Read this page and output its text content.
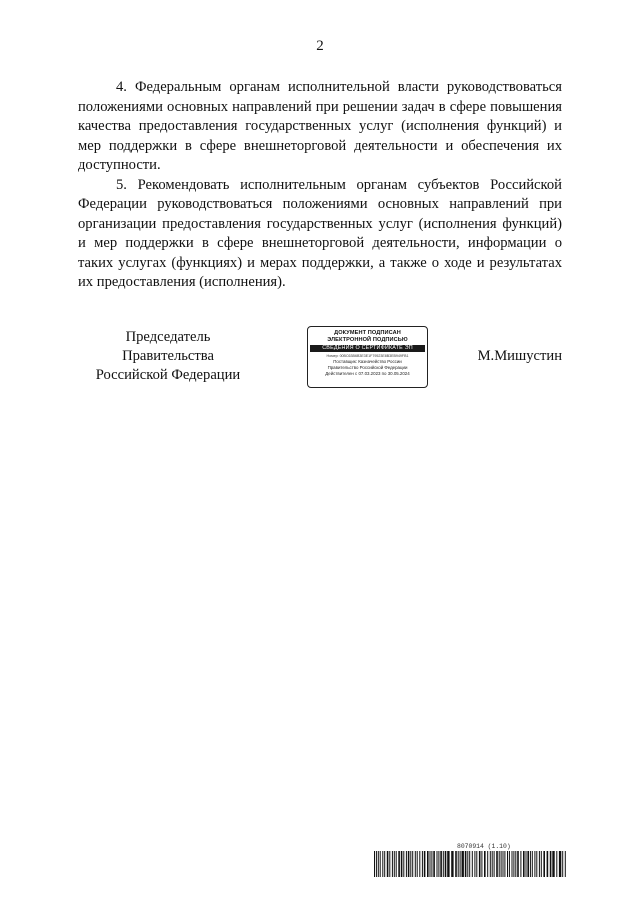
2

4. Федеральным органам исполнительной власти руководствоваться положениями основных направлений при решении задач в сфере повышения качества предоставления государственных услуг (исполнения функций) и мер поддержки в сфере внешнеторговой деятельности и обеспечения их доступности.

5. Рекомендовать исполнительным органам субъектов Российской Федерации руководствоваться положениями основных направлений при организации предоставления государственных услуг (исполнения функций) и мер поддержки в сфере внешнеторговой деятельности, информации о таких услугах (функциях) и мерах поддержки, а также о ходе и результатах их предоставления (исполнения).

Председатель Правительства
Российской Федерации
ДОКУМЕНТ ПОДПИСАН
ЭЛЕКТРОННОЙ ПОДПИСЬЮ
СВЕДЕНИЯ О СЕРТИФИКАТЕ ЭП
Номер: 00BC63B6B3E3E1F79523E8B3EB949FB1
Поставщик: Казначейство России
Правительство Российской Федерации
Действителен с 07.03.2023 по 30.05.2024
М.Мишустин
8070914 (1.10)
